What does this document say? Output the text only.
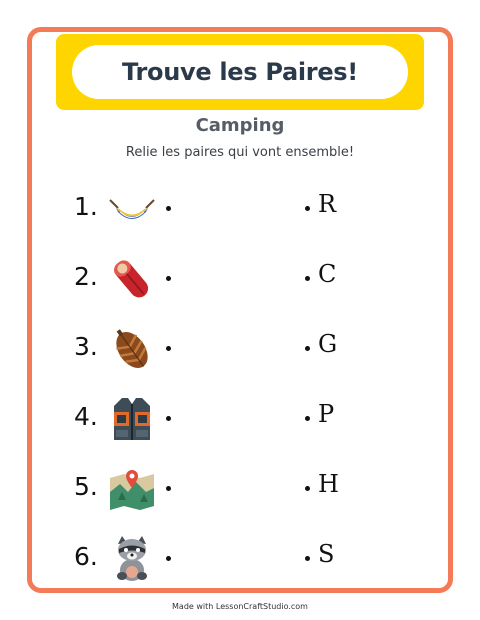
Trouve les Paires!
Camping
Relie les paires qui vont ensemble!
1.	R
2.	C
3.	G
4.	P
5.	H
6.	S
Made with LessonCraftStudio.com
